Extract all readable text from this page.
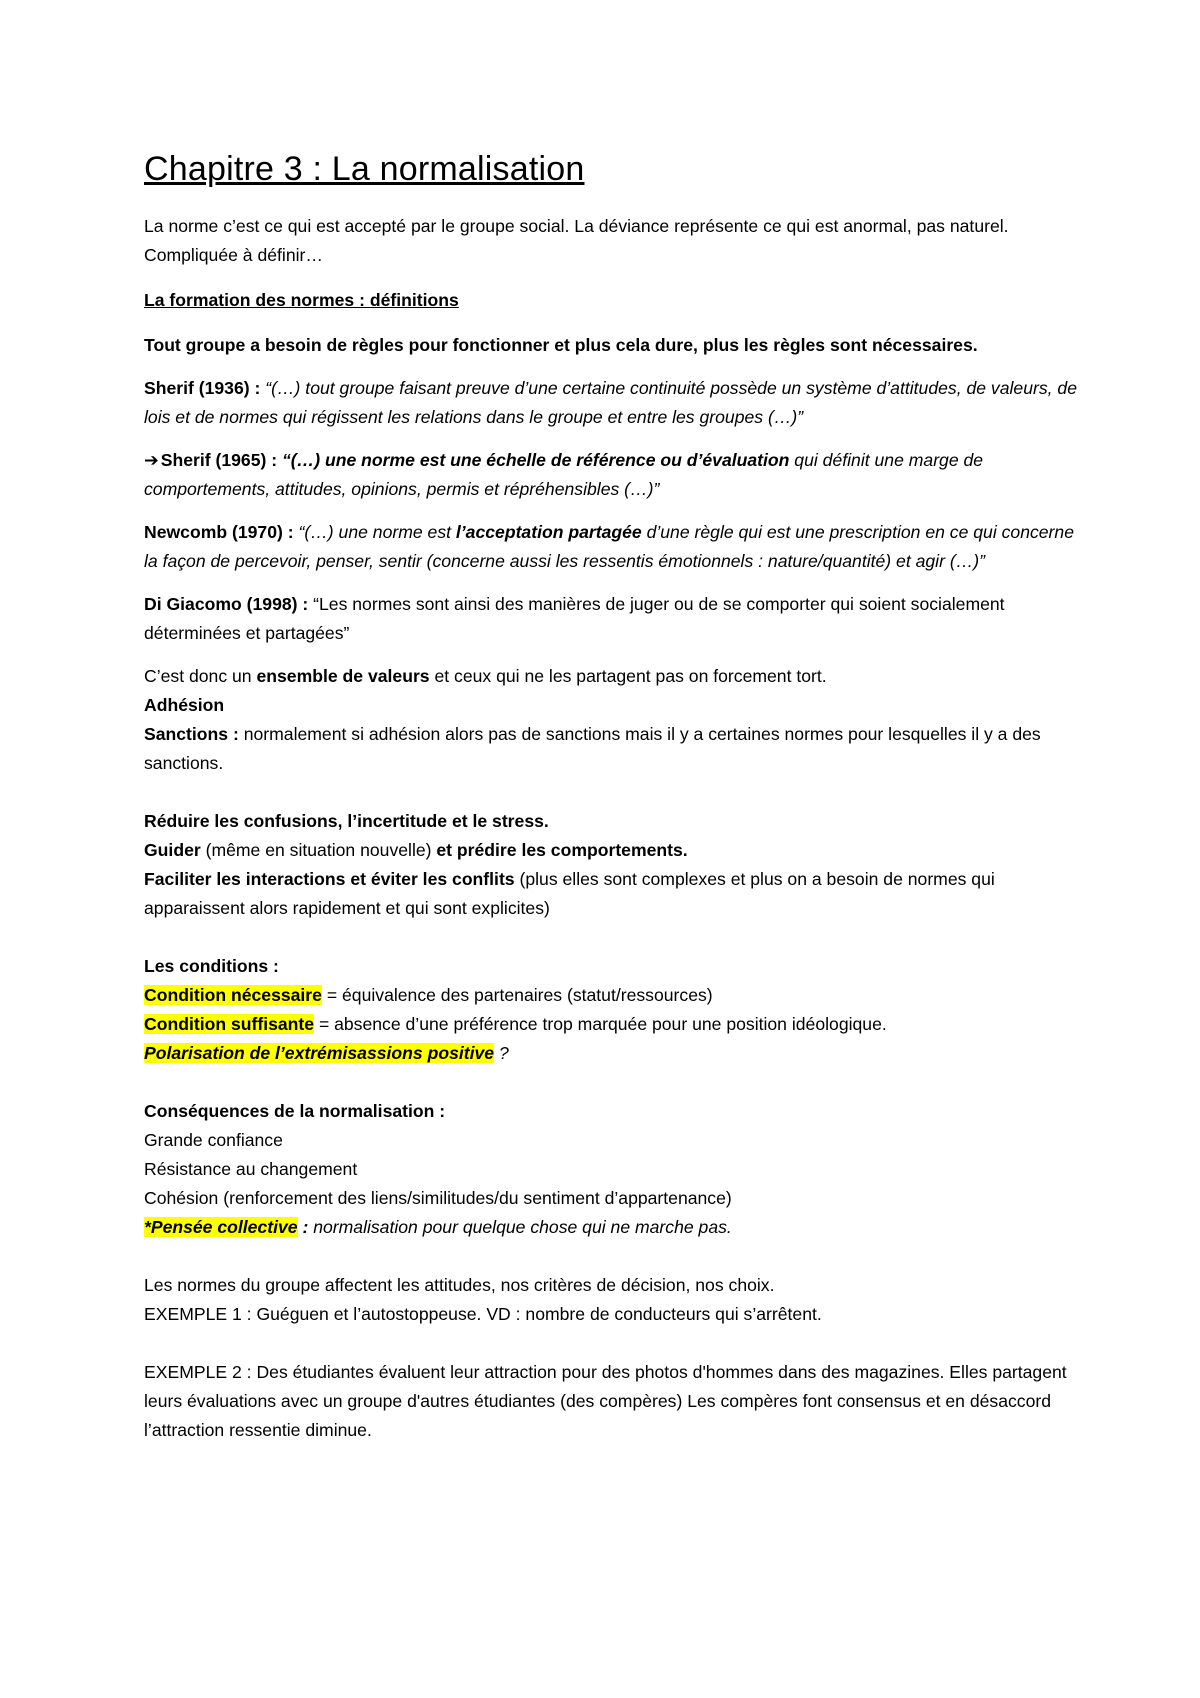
Chapitre 3 : La normalisation

La norme c’est ce qui est accepté par le groupe social. La déviance représente ce qui est anormal, pas naturel. Compliquée à définir…

La formation des normes : définitions

Tout groupe a besoin de règles pour fonctionner et plus cela dure, plus les règles sont nécessaires.

Sherif (1936) : “(…) tout groupe faisant preuve d’une certaine continuité possède un système d’attitudes, de valeurs, de lois et de normes qui régissent les relations dans le groupe et entre les groupes (…)”

➔ Sherif (1965) : “(…) une norme est une échelle de référence ou d’évaluation qui définit une marge de comportements, attitudes, opinions, permis et répréhensibles (…)”

Newcomb (1970) : “(…) une norme est l’acceptation partagée d’une règle qui est une prescription en ce qui concerne la façon de percevoir, penser, sentir (concerne aussi les ressentis émotionnels : nature/quantité) et agir (…)”

Di Giacomo (1998) : “Les normes sont ainsi des manières de juger ou de se comporter qui soient socialement déterminées et partagées”

C’est donc un ensemble de valeurs et ceux qui ne les partagent pas on forcement tort.

Adhésion

Sanctions : normalement si adhésion alors pas de sanctions mais il y a certaines normes pour lesquelles il y a des sanctions.

Réduire les confusions, l’incertitude et le stress.

Guider (même en situation nouvelle) et prédire les comportements.

Faciliter les interactions et éviter les conflits (plus elles sont complexes et plus on a besoin de normes qui apparaissent alors rapidement et qui sont explicites)

Les conditions :

Condition nécessaire = équivalence des partenaires (statut/ressources)

Condition suffisante = absence d’une préférence trop marquée pour une position idéologique.

Polarisation de l’extrémisassions positive ?

Conséquences de la normalisation :

Grande confiance

Résistance au changement

Cohésion (renforcement des liens/similitudes/du sentiment d’appartenance)

*Pensée collective : normalisation pour quelque chose qui ne marche pas.

Les normes du groupe affectent les attitudes, nos critères de décision, nos choix.

EXEMPLE 1 : Guéguen et l’autostoppeuse. VD : nombre de conducteurs qui s’arrêtent.

EXEMPLE 2 : Des étudiantes évaluent leur attraction pour des photos d'hommes dans des magazines. Elles partagent leurs évaluations avec un groupe d'autres étudiantes (des compères) Les compères font consensus et en désaccord l’attraction ressentie diminue.
